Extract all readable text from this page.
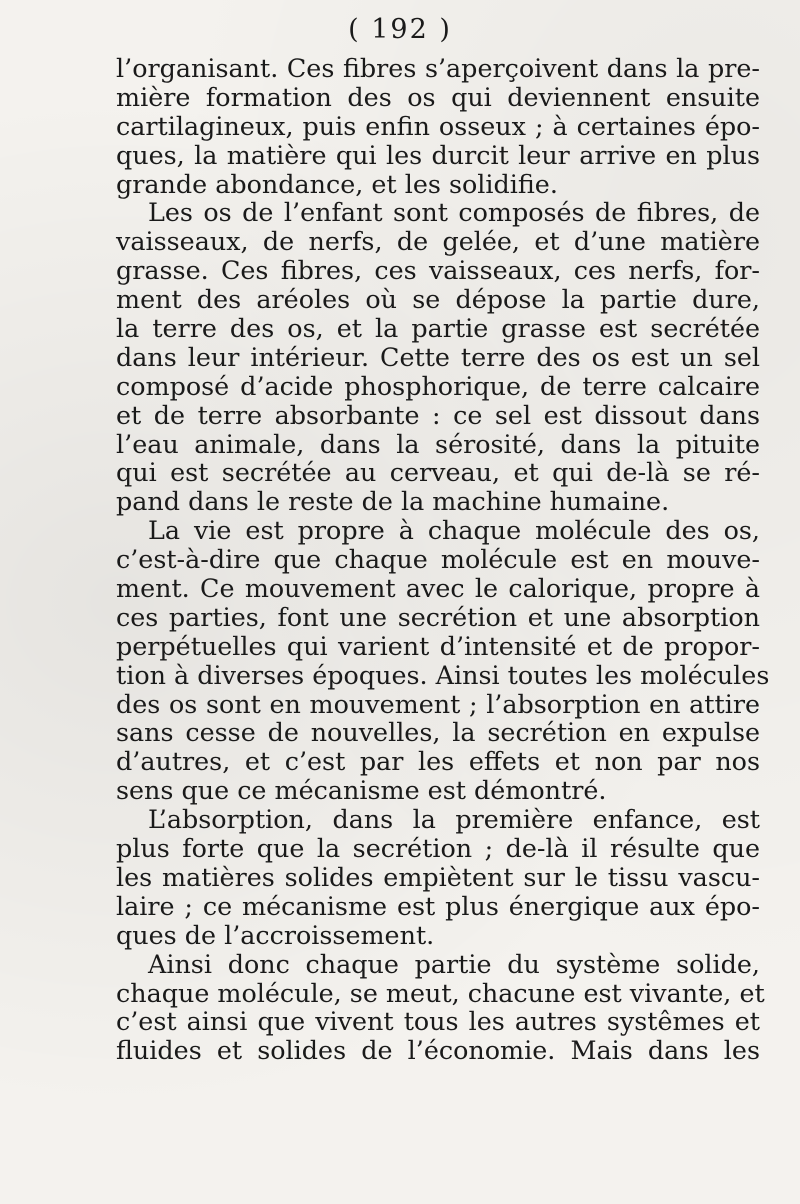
( 192 )
l’organisant. Ces fibres s’aperçoivent dans la pre-
mière formation des os qui deviennent ensuite
cartilagineux, puis enfin osseux ; à certaines épo-
ques, la matière qui les durcit leur arrive en plus
grande abondance, et les solidifie.
Les os de l’enfant sont composés de fibres, de
vaisseaux, de nerfs, de gelée, et d’une matière
grasse. Ces fibres, ces vaisseaux, ces nerfs, for-
ment des aréoles où se dépose la partie dure,
la terre des os, et la partie grasse est secrétée
dans leur intérieur. Cette terre des os est un sel
composé d’acide phosphorique, de terre calcaire
et de terre absorbante : ce sel est dissout dans
l’eau animale, dans la sérosité, dans la pituite
qui est secrétée au cerveau, et qui de-là se ré-
pand dans le reste de la machine humaine.
La vie est propre à chaque molécule des os,
c’est-à-dire que chaque molécule est en mouve-
ment. Ce mouvement avec le calorique, propre à
ces parties, font une secrétion et une absorption
perpétuelles qui varient d’intensité et de propor-
tion à diverses époques. Ainsi toutes les molécules
des os sont en mouvement ; l’absorption en attire
sans cesse de nouvelles, la secrétion en expulse
d’autres, et c’est par les effets et non par nos
sens que ce mécanisme est démontré.
L’absorption, dans la première enfance, est
plus forte que la secrétion ; de-là il résulte que
les matières solides empiètent sur le tissu vascu-
laire ; ce mécanisme est plus énergique aux épo-
ques de l’accroissement.
Ainsi donc chaque partie du système solide,
chaque molécule, se meut, chacune est vivante, et
c’est ainsi que vivent tous les autres systêmes et
fluides et solides de l’économie. Mais dans les
